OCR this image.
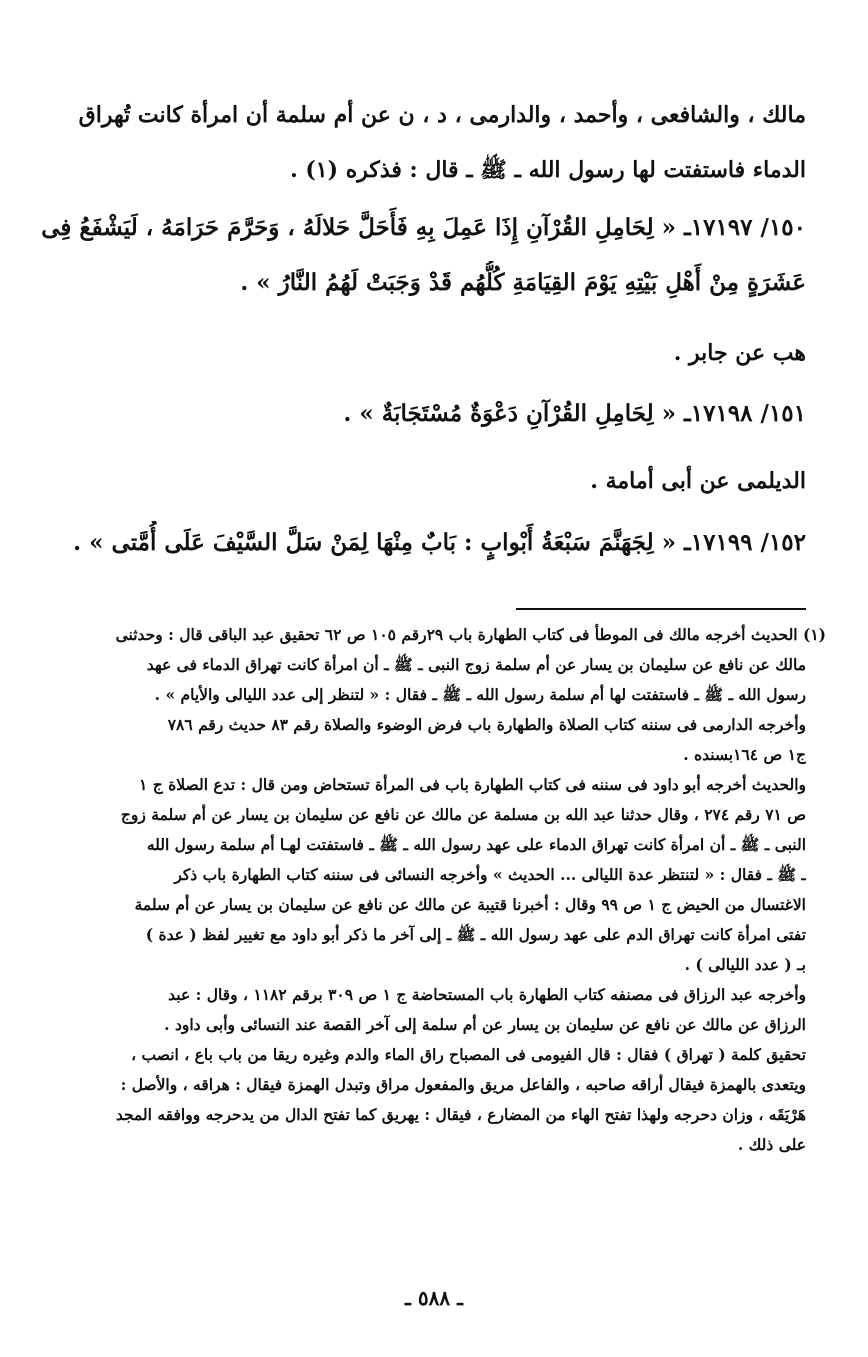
مالك ، والشافعى ، وأحمد ، والدارمى ، د ، ن عن أم سلمة أن امرأة كانت تُهراق
الدماء فاستفتت لها رسول الله ـ ﷺ ـ قال : فذكره (١) .
١٥٠/ ١٧١٩٧ـ « لِحَامِلِ القُرْآنِ إِذَا عَمِلَ بِهِ فَأَحَلَّ حَلالَهُ ، وَحَرَّمَ حَرَامَهُ ، لَيَشْفَعُ فِى
عَشَرَةٍ مِنْ أَهْلِ بَيْتِهِ يَوْمَ القِيَامَةِ كُلُّهُم قَدْ وَجَبَتْ لَهُمُ النَّارُ » .
هب عن جابر .
١٥١/ ١٧١٩٨ـ « لِحَامِلِ القُرْآنِ دَعْوَةٌ مُسْتَجَابَةٌ » .
الديلمى عن أبى أمامة .
١٥٢/ ١٧١٩٩ـ « لِجَهَنَّمَ سَبْعَةُ أَبْوابٍ : بَابٌ مِنْهَا لِمَنْ سَلَّ السَّيْفَ عَلَى أُمَّتى » .
(١) الحديث أخرجه مالك فى الموطأ فى كتاب الطهارة باب ٢٩رقم ١٠٥ ص ٦٢ تحقيق عبد الباقى قال : وحدثنى
مالك عن نافع عن سليمان بن يسار عن أم سلمة زوج النبى ـ ﷺ ـ أن امرأة كانت تهراق الدماء فى عهد
رسول الله ـ ﷺ ـ فاستفتت لها أم سلمة رسول الله ـ ﷺ ـ فقال : « لتنظر إلى عدد الليالى والأيام » .
وأخرجه الدارمى فى سننه كتاب الصلاة والطهارة باب فرض الوضوء والصلاة رقم ٨٣ حديث رقم ٧٨٦
ج١ ص ١٦٤بسنده .
والحديث أخرجه أبو داود فى سننه فى كتاب الطهارة باب فى المرأة تستحاض ومن قال : تدع الصلاة ج ١
ص ٧١ رقم ٢٧٤ ، وقال حدثنا عبد الله بن مسلمة عن مالك عن نافع عن سليمان بن يسار عن أم سلمة زوج
النبى ـ ﷺ ـ أن امرأة كانت تهراق الدماء على عهد رسول الله ـ ﷺ ـ فاستفتت لهـا أم سلمة رسول الله
ـ ﷺ ـ فقال : « لتنتظر عدة الليالى ... الحديث » وأخرجه النسائى فى سننه كتاب الطهارة باب ذكر
الاغتسال من الحيض ج ١ ص ٩٩ وقال : أخبرنا قتيبة عن مالك عن نافع عن سليمان بن يسار عن أم سلمة
تفتى امرأة كانت تهراق الدم على عهد رسول الله ـ ﷺ ـ إلى آخر ما ذكر أبو داود مع تغيير لفظ ( عدة )
بـ ( عدد الليالى ) .
وأخرجه عبد الرزاق فى مصنفه كتاب الطهارة باب المستحاضة ج ١ ص ٣٠٩ برقم ١١٨٢ ، وقال : عبد
الرزاق عن مالك عن نافع عن سليمان بن يسار عن أم سلمة إلى آخر القصة عند النسائى وأبى داود .
تحقيق كلمة ( تهراق ) فقال : قال الفيومى فى المصباح راق الماء والدم وغيره ريقا من باب باع ، انصب ،
ويتعدى بالهمزة فيقال أراقه صاحبه ، والفاعل مريق والمفعول مراق وتبدل الهمزة فيقال : هراقه ، والأصل :
هَرْيَقَه ، وزان دحرجه ولهذا تفتح الهاء من المضارع ، فيقال : يهريق كما تفتح الدال من يدحرجه ووافقه المجد
على ذلك .
ـ ٥٨٨ ـ
